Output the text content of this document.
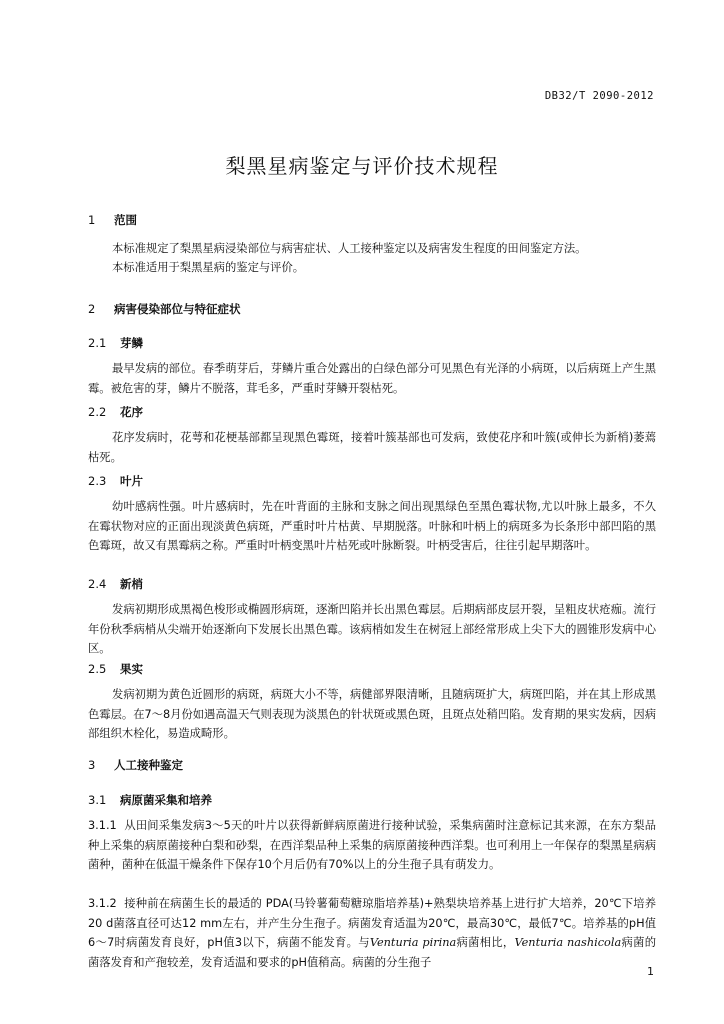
DB32/T 2090-2012
梨黑星病鉴定与评价技术规程
1 范围

本标准规定了梨黑星病浸染部位与病害症状、人工接种鉴定以及病害发生程度的田间鉴定方法。

本标准适用于梨黑星病的鉴定与评价。

2 病害侵染部位与特征症状
2.1 芽鳞

最早发病的部位。春季萌芽后，芽鳞片重合处露出的白绿色部分可见黑色有光泽的小病斑，以后病斑上产生黑霉。被危害的芽，鳞片不脱落，茸毛多，严重时芽鳞开裂枯死。

2.2 花序

花序发病时，花萼和花梗基部都呈现黑色霉斑，接着叶簇基部也可发病，致使花序和叶簇(或伸长为新梢)萎蔫枯死。

2.3 叶片

幼叶感病性强。叶片感病时，先在叶背面的主脉和支脉之间出现黑绿色至黑色霉状物,尤以叶脉上最多，不久在霉状物对应的正面出现淡黄色病斑，严重时叶片枯黄、早期脱落。叶脉和叶柄上的病斑多为长条形中部凹陷的黑色霉斑，故又有黑霉病之称。严重时叶柄变黑叶片枯死或叶脉断裂。叶柄受害后，往往引起早期落叶。

2.4 新梢

发病初期形成黑褐色梭形或椭圆形病斑，逐渐凹陷并长出黑色霉层。后期病部皮层开裂，呈粗皮状疮痂。流行年份秋季病梢从尖端开始逐渐向下发展长出黑色霉。该病梢如发生在树冠上部经常形成上尖下大的圆锥形发病中心区。

2.5 果实

发病初期为黄色近圆形的病斑，病斑大小不等，病健部界限清晰，且随病斑扩大，病斑凹陷，并在其上形成黑色霉层。在7～8月份如遇高温天气则表现为淡黑色的针状斑或黑色斑，且斑点处稍凹陷。发育期的果实发病，因病部组织木栓化，易造成畸形。

3 人工接种鉴定
3.1 病原菌采集和培养

3.1.1 从田间采集发病3～5天的叶片以获得新鲜病原菌进行接种试验，采集病菌时注意标记其来源，在东方梨品种上采集的病原菌接种白梨和砂梨，在西洋梨品种上采集的病原菌接种西洋梨。也可利用上一年保存的梨黑星病病菌种，菌种在低温干燥条件下保存10个月后仍有70%以上的分生孢子具有萌发力。

3.1.2 接种前在病菌生长的最适的 PDA(马铃薯葡萄糖琼脂培养基)+熟梨块培养基上进行扩大培养，20℃下培养20 d菌落直径可达12 mm左右，并产生分生孢子。病菌发育适温为20℃，最高30℃，最低7℃。培养基的pH值6～7时病菌发育良好，pH值3以下，病菌不能发育。与Venturia pirina病菌相比，Venturia nashicola病菌的菌落发育和产孢较差，发育适温和要求的pH值稍高。病菌的分生孢子

1
